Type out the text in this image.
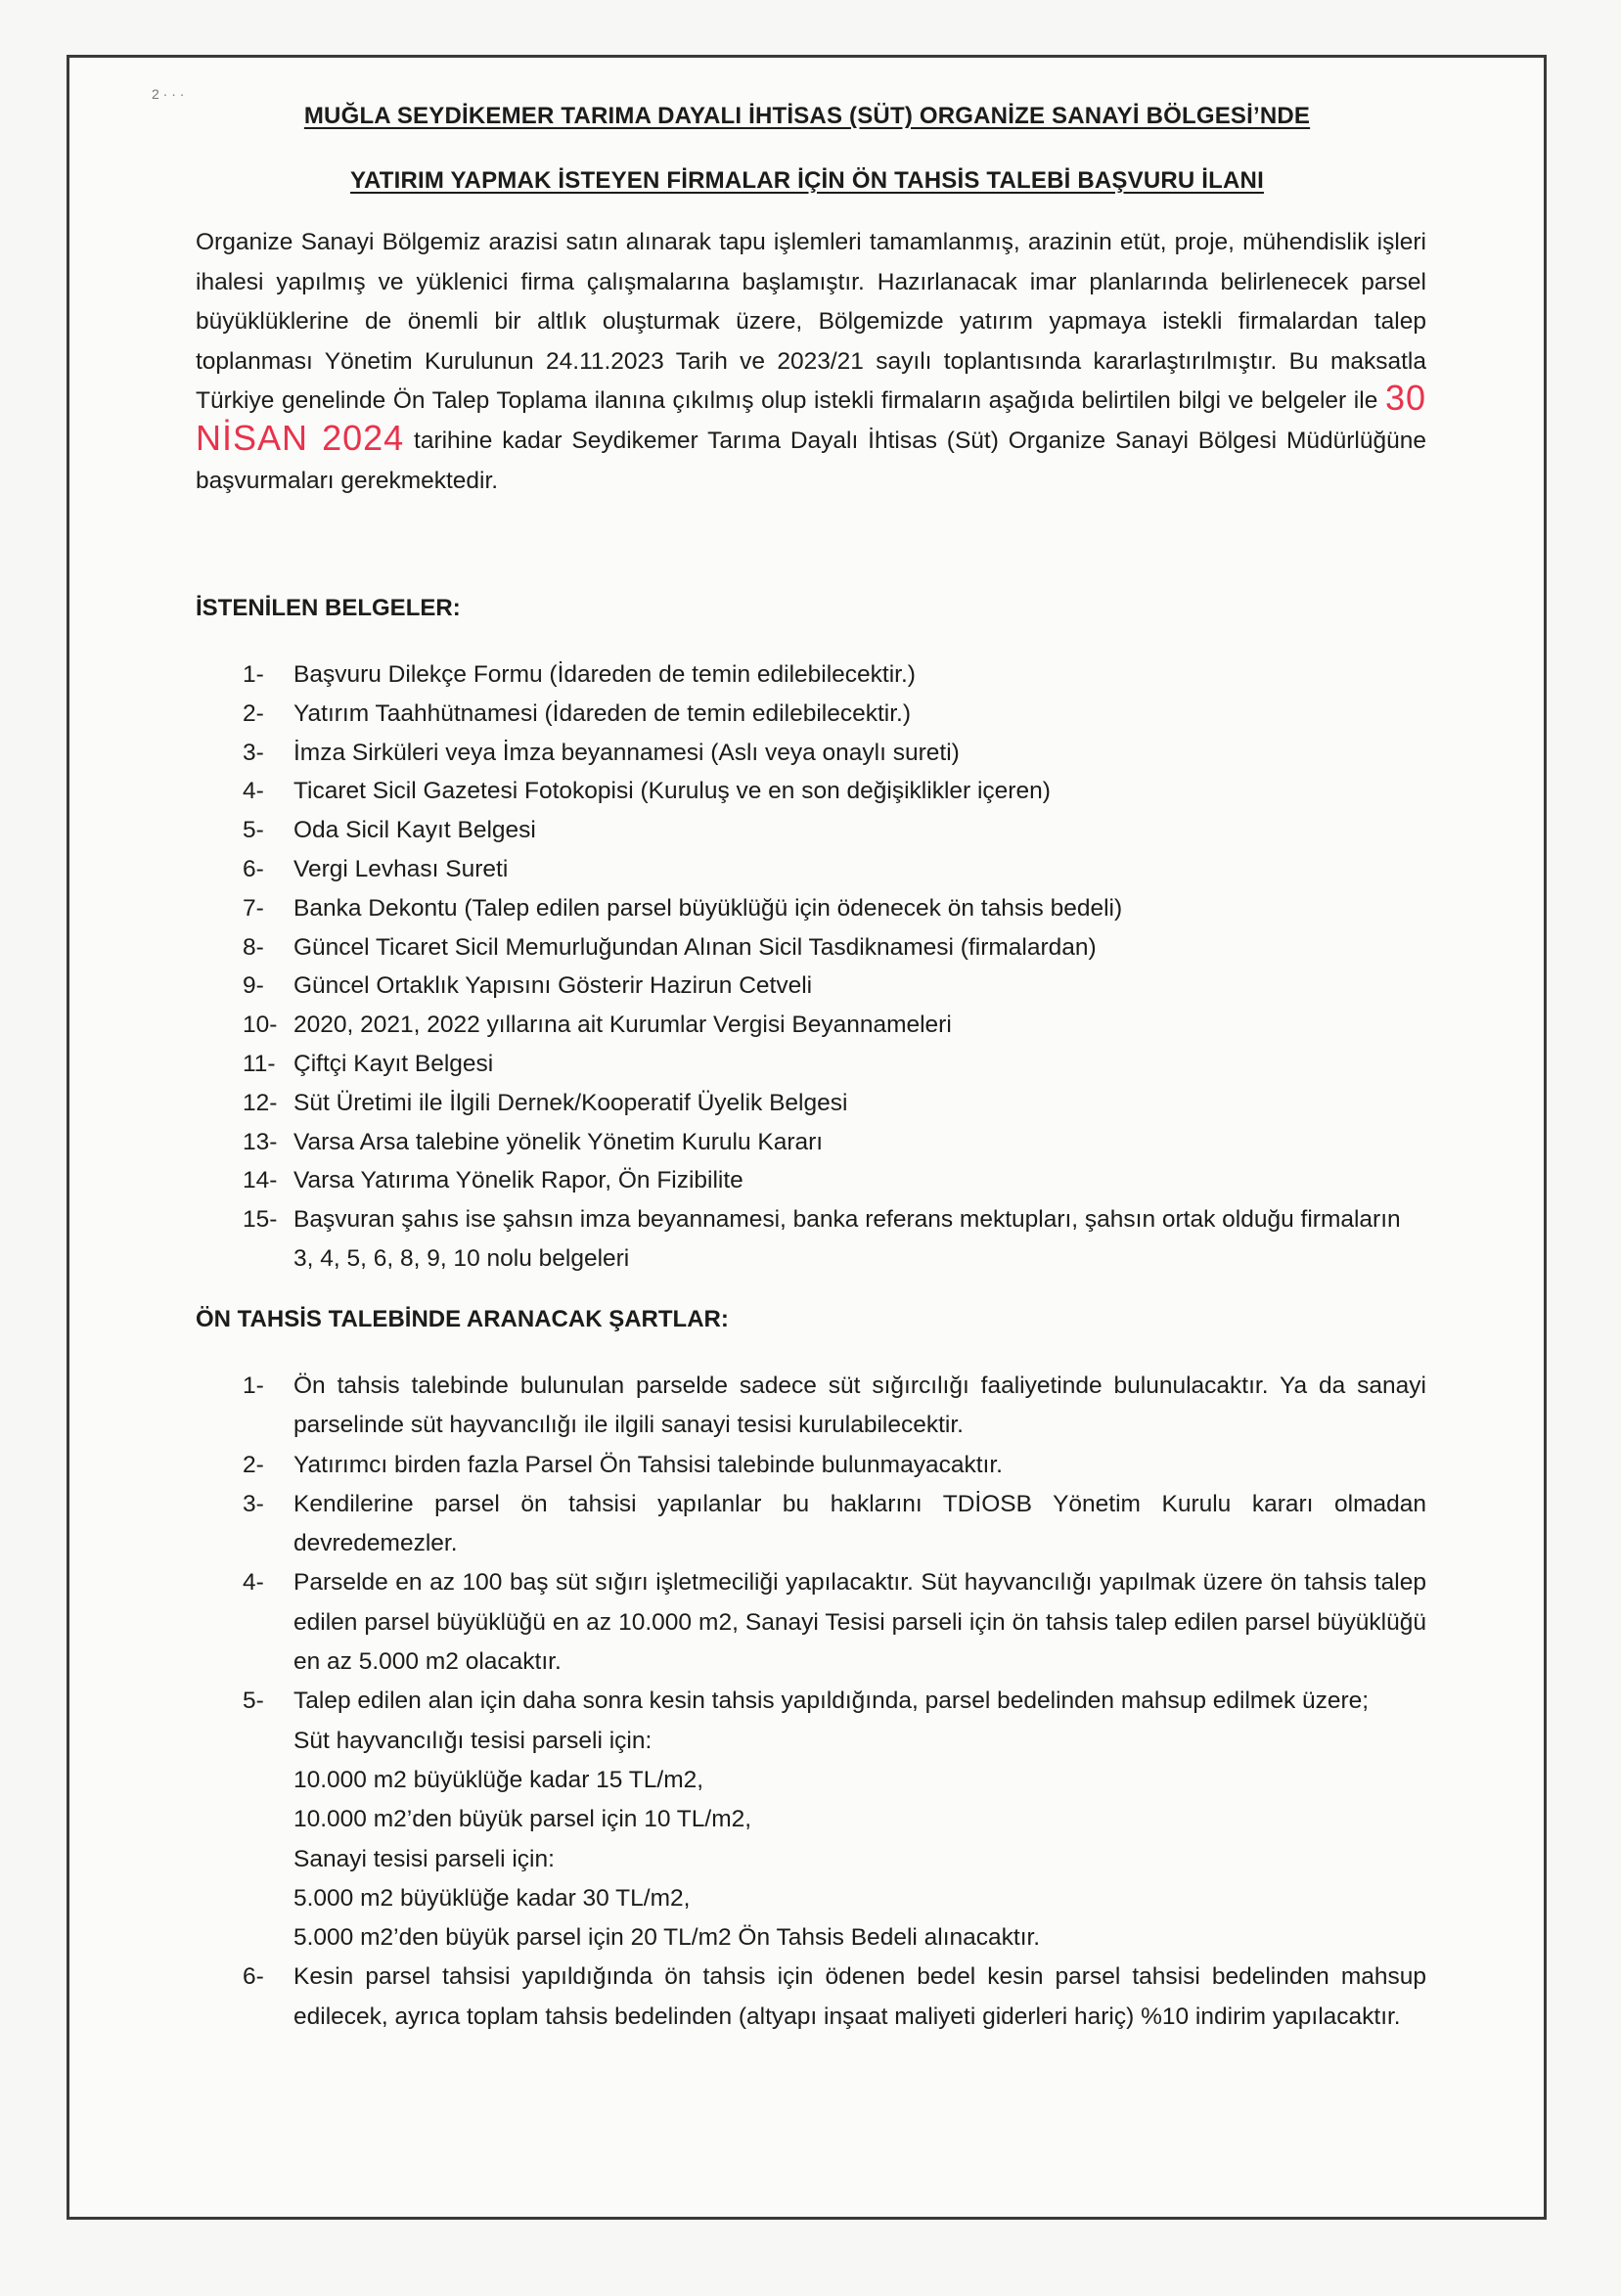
2 · · ·
MUĞLA SEYDİKEMER TARIMA DAYALI İHTİSAS (SÜT) ORGANİZE SANAYİ BÖLGESİ’NDE
YATIRIM YAPMAK İSTEYEN FİRMALAR İÇİN ÖN TAHSİS TALEBİ BAŞVURU İLANI

Organize Sanayi Bölgemiz arazisi satın alınarak tapu işlemleri tamamlanmış, arazinin etüt, proje, mühendislik işleri ihalesi yapılmış ve yüklenici firma çalışmalarına başlamıştır. Hazırlanacak imar planlarında belirlenecek parsel büyüklüklerine de önemli bir altlık oluşturmak üzere, Bölgemizde yatırım yapmaya istekli firmalardan talep toplanması Yönetim Kurulunun 24.11.2023 Tarih ve 2023/21 sayılı toplantısında kararlaştırılmıştır. Bu maksatla Türkiye genelinde Ön Talep Toplama ilanına çıkılmış olup istekli firmaların aşağıda belirtilen bilgi ve belgeler ile 30 NİSAN 2024 tarihine kadar Seydikemer Tarıma Dayalı İhtisas (Süt) Organize Sanayi Bölgesi Müdürlüğüne başvurmaları gerekmektedir.

İSTENİLEN BELGELER:
1- Başvuru Dilekçe Formu (İdareden de temin edilebilecektir.)
2- Yatırım Taahhütnamesi (İdareden de temin edilebilecektir.)
3- İmza Sirküleri veya İmza beyannamesi (Aslı veya onaylı sureti)
4- Ticaret Sicil Gazetesi Fotokopisi (Kuruluş ve en son değişiklikler içeren)
5- Oda Sicil Kayıt Belgesi
6- Vergi Levhası Sureti
7- Banka Dekontu (Talep edilen parsel büyüklüğü için ödenecek ön tahsis bedeli)
8- Güncel Ticaret Sicil Memurluğundan Alınan Sicil Tasdiknamesi (firmalardan)
9- Güncel Ortaklık Yapısını Gösterir Hazirun Cetveli
10- 2020, 2021, 2022 yıllarına ait Kurumlar Vergisi Beyannameleri
11- Çiftçi Kayıt Belgesi
12- Süt Üretimi ile İlgili Dernek/Kooperatif Üyelik Belgesi
13- Varsa Arsa talebine yönelik Yönetim Kurulu Kararı
14- Varsa Yatırıma Yönelik Rapor, Ön Fizibilite
15- Başvuran şahıs ise şahsın imza beyannamesi, banka referans mektupları, şahsın ortak olduğu firmaların 3, 4, 5, 6, 8, 9, 10 nolu belgeleri
ÖN TAHSİS TALEBİNDE ARANACAK ŞARTLAR:
1- Ön tahsis talebinde bulunulan parselde sadece süt sığırcılığı faaliyetinde bulunulacaktır. Ya da sanayi parselinde süt hayvancılığı ile ilgili sanayi tesisi kurulabilecektir.
2- Yatırımcı birden fazla Parsel Ön Tahsisi talebinde bulunmayacaktır.
3- Kendilerine parsel ön tahsisi yapılanlar bu haklarını TDİOSB Yönetim Kurulu kararı olmadan devredemezler.
4- Parselde en az 100 baş süt sığırı işletmeciliği yapılacaktır. Süt hayvancılığı yapılmak üzere ön tahsis talep edilen parsel büyüklüğü en az 10.000 m2, Sanayi Tesisi parseli için ön tahsis talep edilen parsel büyüklüğü en az 5.000 m2 olacaktır.
5- Talep edilen alan için daha sonra kesin tahsis yapıldığında, parsel bedelinden mahsup edilmek üzere;
Süt hayvancılığı tesisi parseli için:
10.000 m2 büyüklüğe kadar 15 TL/m2,
10.000 m2’den büyük parsel için 10 TL/m2,
Sanayi tesisi parseli için:
5.000 m2 büyüklüğe kadar 30 TL/m2,
5.000 m2’den büyük parsel için 20 TL/m2 Ön Tahsis Bedeli alınacaktır.
6- Kesin parsel tahsisi yapıldığında ön tahsis için ödenen bedel kesin parsel tahsisi bedelinden mahsup edilecek, ayrıca toplam tahsis bedelinden (altyapı inşaat maliyeti giderleri hariç) %10 indirim yapılacaktır.
